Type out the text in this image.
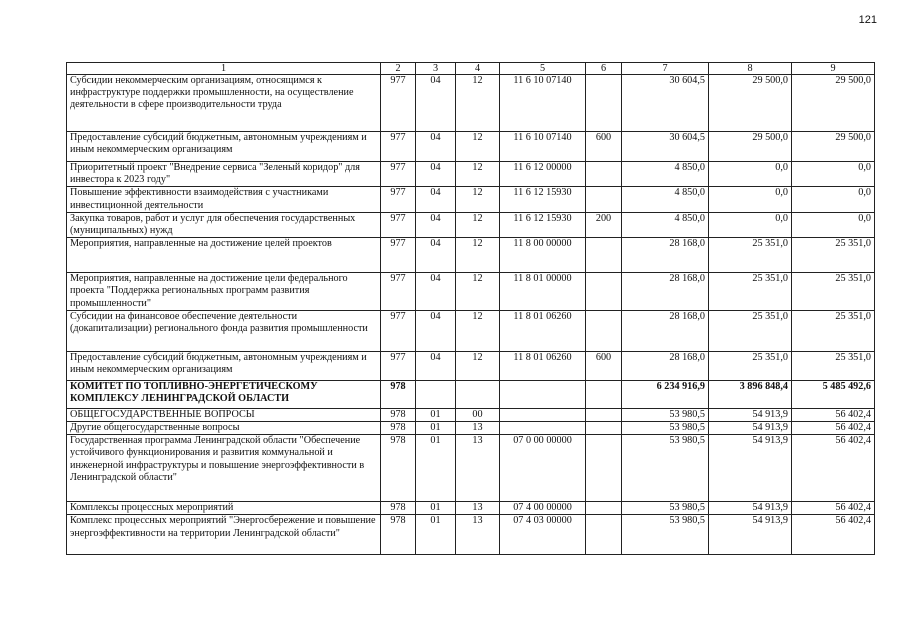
121
1	2	3	4	5	6	7	8	9
Субсидии некоммерческим организациям, относящимся к инфраструктуре поддержки промышленности, на осуществление деятельности в сфере производительности труда	977	04	12	11 6 10 07140		30 604,5	29 500,0	29 500,0
Предоставление субсидий бюджетным, автономным учреждениям и иным некоммерческим организациям	977	04	12	11 6 10 07140	600	30 604,5	29 500,0	29 500,0
Приоритетный проект "Внедрение сервиса "Зеленый коридор" для инвестора к 2023 году"	977	04	12	11 6 12 00000		4 850,0	0,0	0,0
Повышение эффективности взаимодействия с участниками инвестиционной деятельности	977	04	12	11 6 12 15930		4 850,0	0,0	0,0
Закупка товаров, работ и услуг для обеспечения государственных (муниципальных) нужд	977	04	12	11 6 12 15930	200	4 850,0	0,0	0,0
Мероприятия, направленные на достижение целей проектов	977	04	12	11 8 00 00000		28 168,0	25 351,0	25 351,0
Мероприятия, направленные на достижение цели федерального проекта "Поддержка региональных программ развития промышленности"	977	04	12	11 8 01 00000		28 168,0	25 351,0	25 351,0
Субсидии на финансовое обеспечение деятельности (докапитализации) регионального фонда развития промышленности	977	04	12	11 8 01 06260		28 168,0	25 351,0	25 351,0
Предоставление субсидий бюджетным, автономным учреждениям и иным некоммерческим организациям	977	04	12	11 8 01 06260	600	28 168,0	25 351,0	25 351,0
КОМИТЕТ ПО ТОПЛИВНО-ЭНЕРГЕТИЧЕСКОМУ КОМПЛЕКСУ ЛЕНИНГРАДСКОЙ ОБЛАСТИ	978					6 234 916,9	3 896 848,4	5 485 492,6
ОБЩЕГОСУДАРСТВЕННЫЕ ВОПРОСЫ	978	01	00			53 980,5	54 913,9	56 402,4
Другие общегосударственные вопросы	978	01	13			53 980,5	54 913,9	56 402,4
Государственная программа Ленинградской области "Обеспечение устойчивого функционирования и развития коммунальной и инженерной инфраструктуры и повышение энергоэффективности в Ленинградской области"	978	01	13	07 0 00 00000		53 980,5	54 913,9	56 402,4
Комплексы процессных мероприятий	978	01	13	07 4 00 00000		53 980,5	54 913,9	56 402,4
Комплекс процессных мероприятий "Энергосбережение и повышение энергоэффективности на территории Ленинградской области"	978	01	13	07 4 03 00000		53 980,5	54 913,9	56 402,4
